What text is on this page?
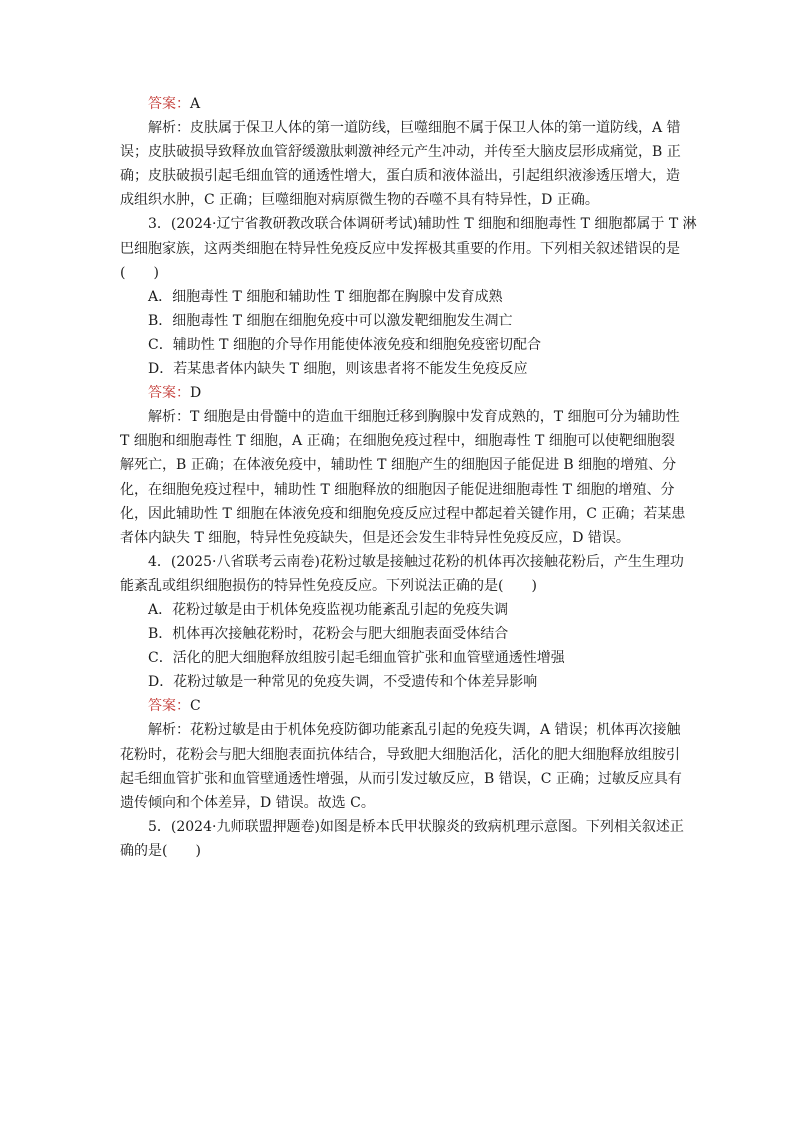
答案：A
解析：皮肤属于保卫人体的第一道防线，巨噬细胞不属于保卫人体的第一道防线，A 错
误；皮肤破损导致释放血管舒缓激肽刺激神经元产生冲动，并传至大脑皮层形成痛觉，B 正
确；皮肤破损引起毛细血管的通透性增大，蛋白质和液体溢出，引起组织液渗透压增大，造
成组织水肿，C 正确；巨噬细胞对病原微生物的吞噬不具有特异性，D 正确。
3．(2024·辽宁省教研教改联合体调研考试)辅助性 T 细胞和细胞毒性 T 细胞都属于 T 淋
巴细胞家族，这两类细胞在特异性免疫反应中发挥极其重要的作用。下列相关叙述错误的是
(　　)
A．细胞毒性 T 细胞和辅助性 T 细胞都在胸腺中发育成熟
B．细胞毒性 T 细胞在细胞免疫中可以激发靶细胞发生凋亡
C．辅助性 T 细胞的介导作用能使体液免疫和细胞免疫密切配合
D．若某患者体内缺失 T 细胞，则该患者将不能发生免疫反应
答案：D
解析：T 细胞是由骨髓中的造血干细胞迁移到胸腺中发育成熟的，T 细胞可分为辅助性
T 细胞和细胞毒性 T 细胞，A 正确；在细胞免疫过程中，细胞毒性 T 细胞可以使靶细胞裂
解死亡，B 正确；在体液免疫中，辅助性 T 细胞产生的细胞因子能促进 B 细胞的增殖、分
化，在细胞免疫过程中，辅助性 T 细胞释放的细胞因子能促进细胞毒性 T 细胞的增殖、分
化，因此辅助性 T 细胞在体液免疫和细胞免疫反应过程中都起着关键作用，C 正确；若某患
者体内缺失 T 细胞，特异性免疫缺失，但是还会发生非特异性免疫反应，D 错误。
4．(2025·八省联考云南卷)花粉过敏是接触过花粉的机体再次接触花粉后，产生生理功
能紊乱或组织细胞损伤的特异性免疫反应。下列说法正确的是(　　)
A．花粉过敏是由于机体免疫监视功能紊乱引起的免疫失调
B．机体再次接触花粉时，花粉会与肥大细胞表面受体结合
C．活化的肥大细胞释放组胺引起毛细血管扩张和血管壁通透性增强
D．花粉过敏是一种常见的免疫失调，不受遗传和个体差异影响
答案：C
解析：花粉过敏是由于机体免疫防御功能紊乱引起的免疫失调，A 错误；机体再次接触
花粉时，花粉会与肥大细胞表面抗体结合，导致肥大细胞活化，活化的肥大细胞释放组胺引
起毛细血管扩张和血管壁通透性增强，从而引发过敏反应，B 错误，C 正确；过敏反应具有
遗传倾向和个体差异，D 错误。故选 C。
5．(2024·九师联盟押题卷)如图是桥本氏甲状腺炎的致病机理示意图。下列相关叙述正
确的是(　　)
